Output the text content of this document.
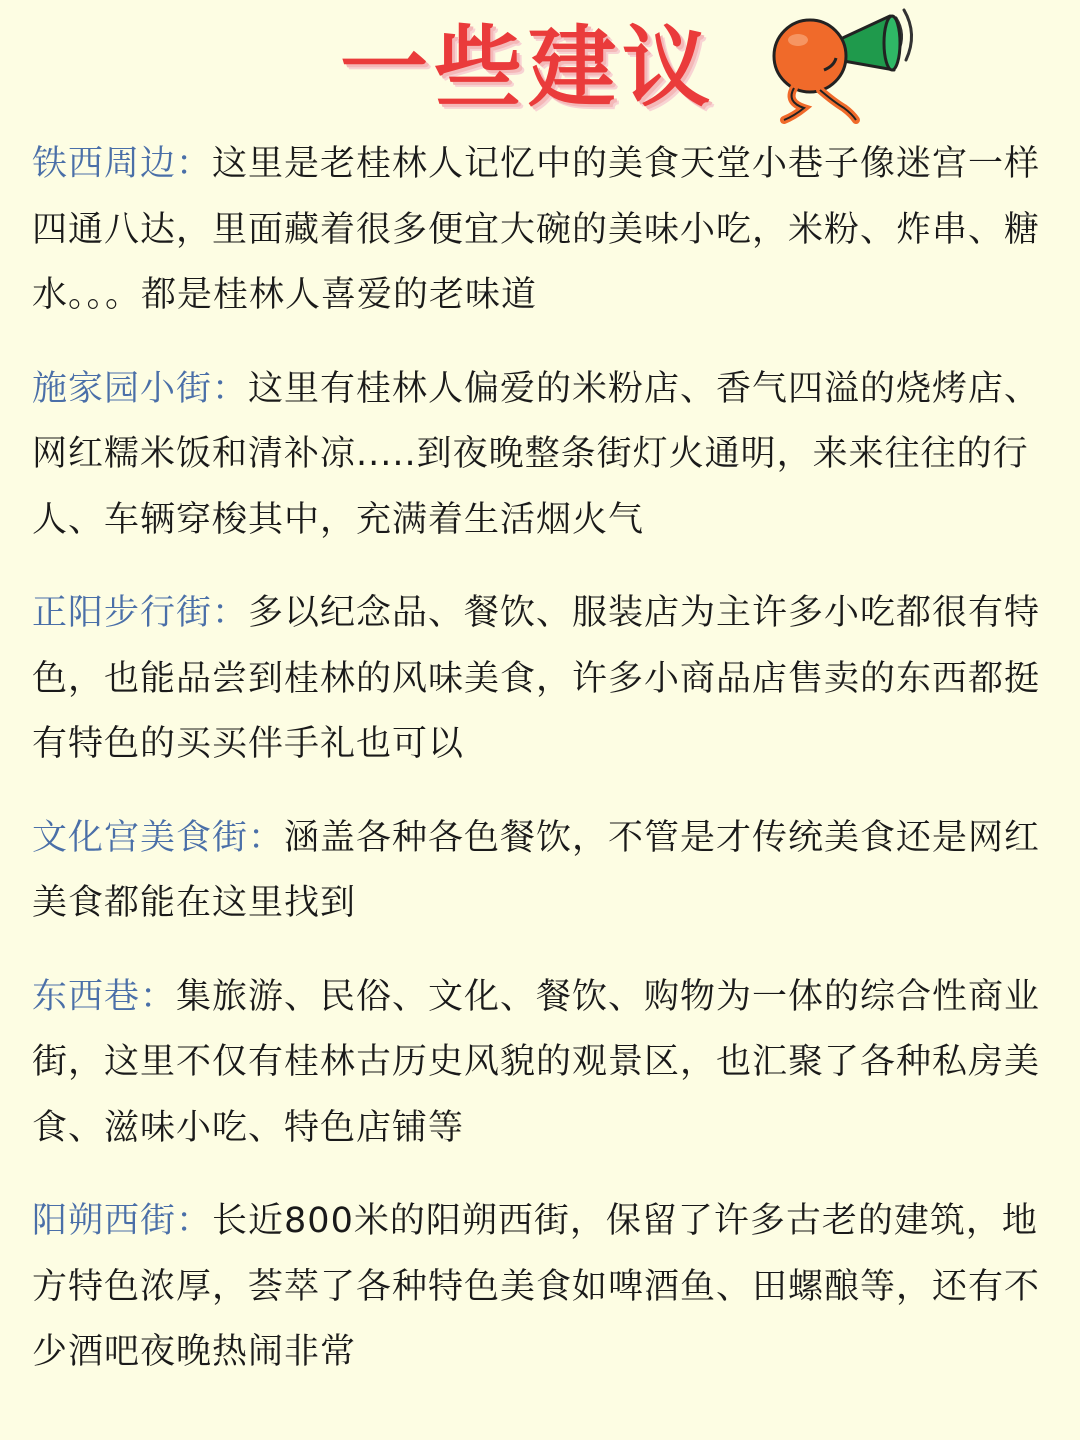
一些建议

铁西周边：这里是老桂林人记忆中的美食天堂小巷子像迷宫一样四通八达，里面藏着很多便宜大碗的美味小吃，米粉、炸串、糖水。。。都是桂林人喜爱的老味道

施家园小街：这里有桂林人偏爱的米粉店、香气四溢的烧烤店、网红糯米饭和清补凉.....到夜晚整条街灯火通明，来来往往的行人、车辆穿梭其中，充满着生活烟火气

正阳步行街：多以纪念品、餐饮、服装店为主许多小吃都很有特色，也能品尝到桂林的风味美食，许多小商品店售卖的东西都挺有特色的买买伴手礼也可以

文化宫美食街：涵盖各种各色餐饮，不管是才传统美食还是网红美食都能在这里找到

东西巷：集旅游、民俗、文化、餐饮、购物为一体的综合性商业街，这里不仅有桂林古历史风貌的观景区，也汇聚了各种私房美食、滋味小吃、特色店铺等

阳朔西街：长近800米的阳朔西街，保留了许多古老的建筑，地方特色浓厚，荟萃了各种特色美食如啤酒鱼、田螺酿等，还有不少酒吧夜晚热闹非常
